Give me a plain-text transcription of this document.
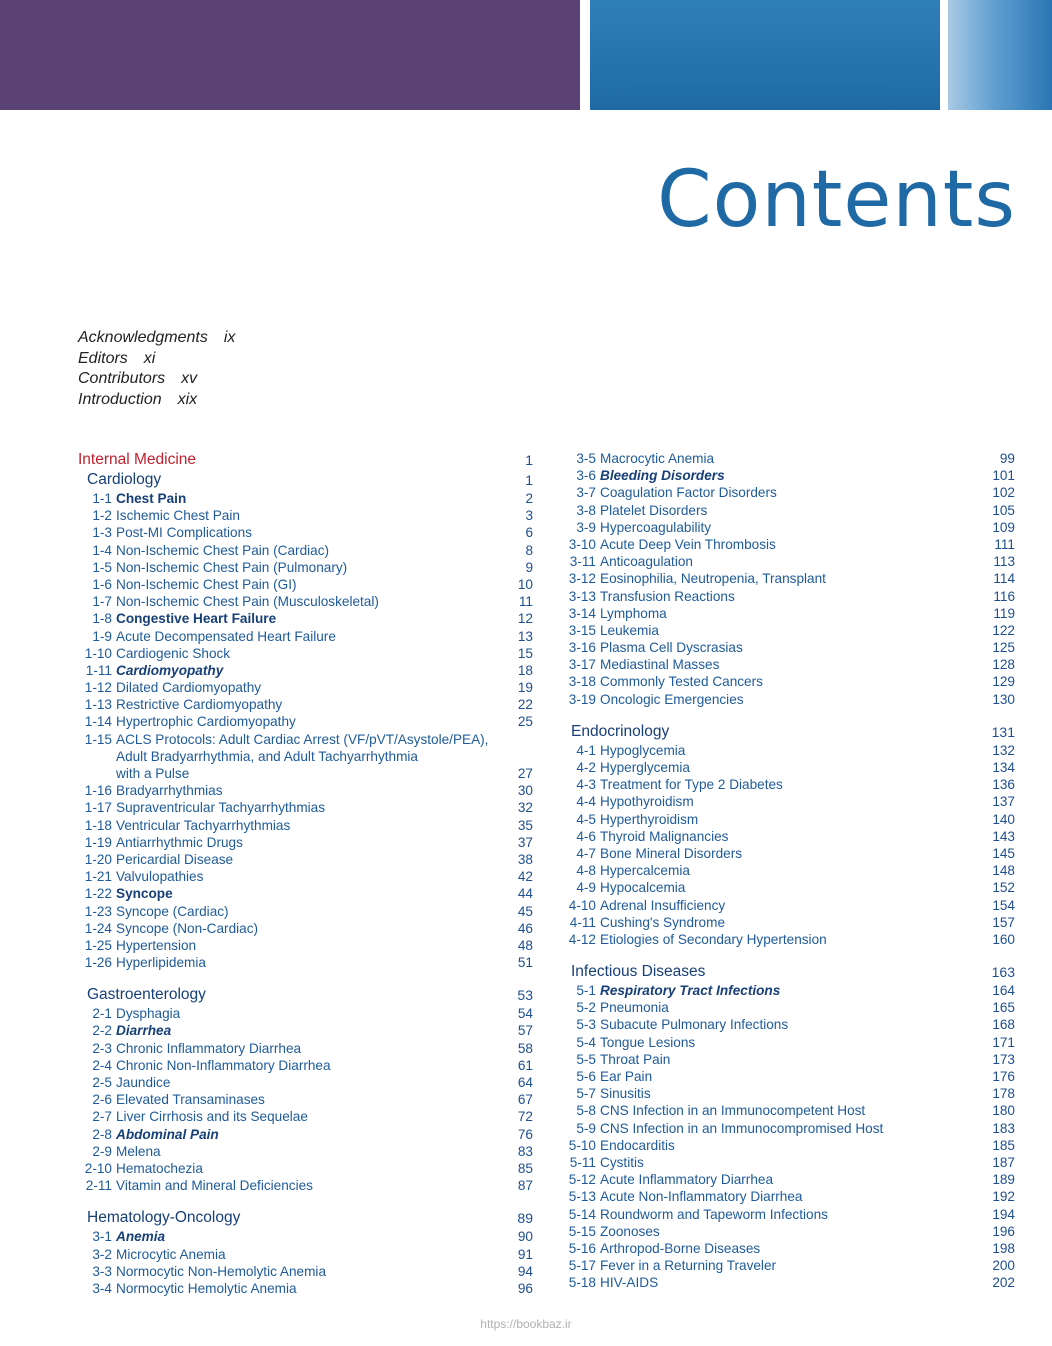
Contents
Acknowledgments ix
Editors xi
Contributors xv
Introduction xix
Internal Medicine	1
Cardiology	1
1-1 Chest Pain	2
1-2 Ischemic Chest Pain	3
1-3 Post-MI Complications	6
1-4 Non-Ischemic Chest Pain (Cardiac)	8
1-5 Non-Ischemic Chest Pain (Pulmonary)	9
1-6 Non-Ischemic Chest Pain (GI)	10
1-7 Non-Ischemic Chest Pain (Musculoskeletal)	11
1-8 Congestive Heart Failure	12
1-9 Acute Decompensated Heart Failure	13
1-10 Cardiogenic Shock	15
1-11 Cardiomyopathy	18
1-12 Dilated Cardiomyopathy	19
1-13 Restrictive Cardiomyopathy	22
1-14 Hypertrophic Cardiomyopathy	25
1-15 ACLS Protocols: Adult Cardiac Arrest (VF/pVT/Asystole/PEA),
Adult Bradyarrhythmia, and Adult Tachyarrhythmia
with a Pulse	27
1-16 Bradyarrhythmias	30
1-17 Supraventricular Tachyarrhythmias	32
1-18 Ventricular Tachyarrhythmias	35
1-19 Antiarrhythmic Drugs	37
1-20 Pericardial Disease	38
1-21 Valvulopathies	42
1-22 Syncope	44
1-23 Syncope (Cardiac)	45
1-24 Syncope (Non-Cardiac)	46
1-25 Hypertension	48
1-26 Hyperlipidemia	51
Gastroenterology	53
2-1 Dysphagia	54
2-2 Diarrhea	57
2-3 Chronic Inflammatory Diarrhea	58
2-4 Chronic Non-Inflammatory Diarrhea	61
2-5 Jaundice	64
2-6 Elevated Transaminases	67
2-7 Liver Cirrhosis and its Sequelae	72
2-8 Abdominal Pain	76
2-9 Melena	83
2-10 Hematochezia	85
2-11 Vitamin and Mineral Deficiencies	87
Hematology-Oncology	89
3-1 Anemia	90
3-2 Microcytic Anemia	91
3-3 Normocytic Non-Hemolytic Anemia	94
3-4 Normocytic Hemolytic Anemia	96
3-5 Macrocytic Anemia	99
3-6 Bleeding Disorders	101
3-7 Coagulation Factor Disorders	102
3-8 Platelet Disorders	105
3-9 Hypercoagulability	109
3-10 Acute Deep Vein Thrombosis	111
3-11 Anticoagulation	113
3-12 Eosinophilia, Neutropenia, Transplant	114
3-13 Transfusion Reactions	116
3-14 Lymphoma	119
3-15 Leukemia	122
3-16 Plasma Cell Dyscrasias	125
3-17 Mediastinal Masses	128
3-18 Commonly Tested Cancers	129
3-19 Oncologic Emergencies	130
Endocrinology	131
4-1 Hypoglycemia	132
4-2 Hyperglycemia	134
4-3 Treatment for Type 2 Diabetes	136
4-4 Hypothyroidism	137
4-5 Hyperthyroidism	140
4-6 Thyroid Malignancies	143
4-7 Bone Mineral Disorders	145
4-8 Hypercalcemia	148
4-9 Hypocalcemia	152
4-10 Adrenal Insufficiency	154
4-11 Cushing's Syndrome	157
4-12 Etiologies of Secondary Hypertension	160
Infectious Diseases	163
5-1 Respiratory Tract Infections	164
5-2 Pneumonia	165
5-3 Subacute Pulmonary Infections	168
5-4 Tongue Lesions	171
5-5 Throat Pain	173
5-6 Ear Pain	176
5-7 Sinusitis	178
5-8 CNS Infection in an Immunocompetent Host	180
5-9 CNS Infection in an Immunocompromised Host	183
5-10 Endocarditis	185
5-11 Cystitis	187
5-12 Acute Inflammatory Diarrhea	189
5-13 Acute Non-Inflammatory Diarrhea	192
5-14 Roundworm and Tapeworm Infections	194
5-15 Zoonoses	196
5-16 Arthropod-Borne Diseases	198
5-17 Fever in a Returning Traveler	200
5-18 HIV-AIDS	202
https://bookbaz.ir
